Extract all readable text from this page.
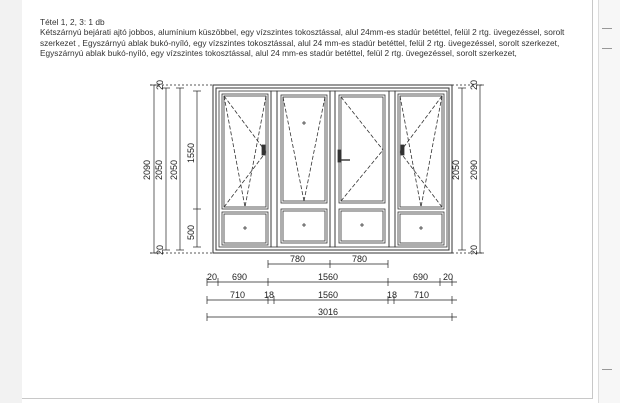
Tétel 1, 2, 3: 1 db
Kétszárnyú bejárati ajtó jobbos, alumínium küszöbbel, egy vízszintes tokosztással, alul 24mm-es stadúr betéttel, felül 2 rtg. üvegezéssel, sorolt
szerkezet , Egyszárnyú ablak bukó-nyíló, egy vízszintes tokosztással, alul 24 mm-es stadúr betéttel, felül 2 rtg. üvegezéssel, sorolt szerkezet,
Egyszárnyú ablak bukó-nyíló, egy vízszintes tokosztással, alul 24 mm-es stadúr betéttel, felül 2 rtg. üvegezéssel, sorolt szerkezet,
20
2090 2050 2050
1550
500
20
20
2050 2090
20
780	780
20 690	1560	690 20
710 18	1560	18 710
3016
